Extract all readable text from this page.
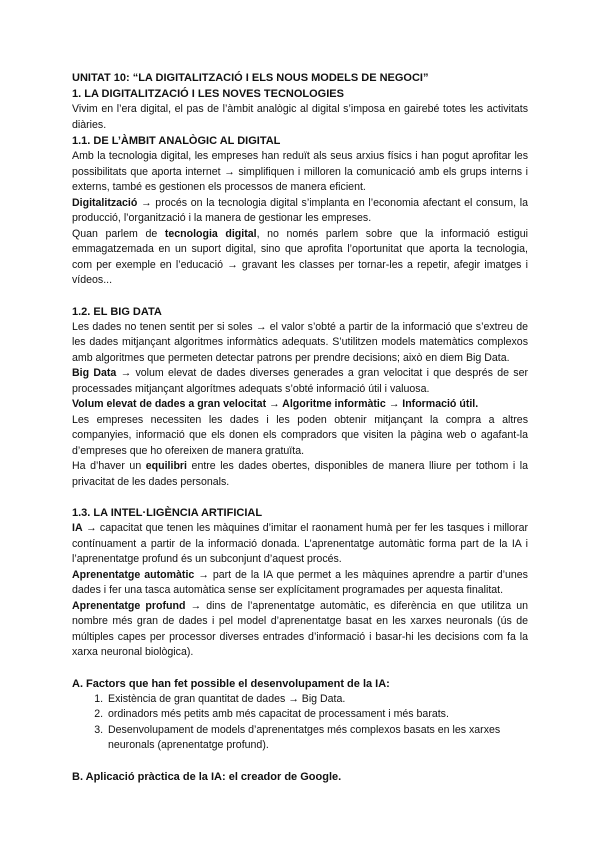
UNITAT 10: “LA DIGITALITZACIÓ I ELS NOUS MODELS DE NEGOCI”

1. LA DIGITALITZACIÓ I LES NOVES TECNOLOGIES

Vivim en l’era digital, el pas de l’àmbit analògic al digital s’imposa en gairebé totes les activitats diàries.

1.1. DE L’ÀMBIT ANALÒGIC AL DIGITAL

Amb la tecnologia digital, les empreses han reduït als seus arxius físics i han pogut aprofitar les possibilitats que aporta internet → simplifiquen i milloren la comunicació amb els grups interns i externs, també es gestionen els processos de manera eficient.

Digitalització → procés on la tecnologia digital s’implanta en l’economia afectant el consum, la producció, l’organització i la manera de gestionar les empreses.

Quan parlem de tecnologia digital, no només parlem sobre que la informació estigui emmagatzemada en un suport digital, sino que aprofita l’oportunitat que aporta la tecnologia, com per exemple en l’educació → gravant les classes per tornar-les a repetir, afegir imatges i vídeos...

1.2. EL BIG DATA

Les dades no tenen sentit per si soles → el valor s’obté a partir de la informació que s’extreu de les dades mitjançant algoritmes informàtics adequats. S’utilitzen models matemàtics complexos amb algoritmes que permeten detectar patrons per prendre decisions; això en diem Big Data.

Big Data → volum elevat de dades diverses generades a gran velocitat i que després de ser processades mitjançant algorítmes adequats s’obté informació útil i valuosa.

Volum elevat de dades a gran velocitat → Algoritme informàtic → Informació útil.

Les empreses necessiten les dades i les poden obtenir mitjançant la compra a altres companyies, informació que els donen els compradors que visiten la pàgina web o agafant-la d’empreses que ho ofereixen de manera gratuïta.

Ha d’haver un equilibri entre les dades obertes, disponibles de manera lliure per tothom i la privacitat de les dades personals.

1.3. LA INTEL·LIGÈNCIA ARTIFICIAL

IA → capacitat que tenen les màquines d’imitar el raonament humà per fer les tasques i millorar contínuament a partir de la informació donada. L’aprenentatge automàtic forma part de la IA i l’aprenentatge profund és un subconjunt d’aquest procés.

Aprenentatge automàtic → part de la IA que permet a les màquines aprendre a partir d’unes dades i fer una tasca automàtica sense ser explícitament programades per aquesta finalitat.

Aprenentatge profund → dins de l’aprenentatge automàtic, es diferència en que utilitza un nombre més gran de dades i pel model d’aprenentatge basat en les xarxes neuronals (ús de múltiples capes per processor diverses entrades d’informació i basar-hi les decisions com fa la xarxa neuronal biològica).

A. Factors que han fet possible el desenvolupament de la IA:

1. Existència de gran quantitat de dades → Big Data.
2. ordinadors més petits amb més capacitat de processament i més barats.
3. Desenvolupament de models d’aprenentatges més complexos basats en les xarxes neuronals (aprenentatge profund).

B. Aplicació pràctica de la IA: el creador de Google.
